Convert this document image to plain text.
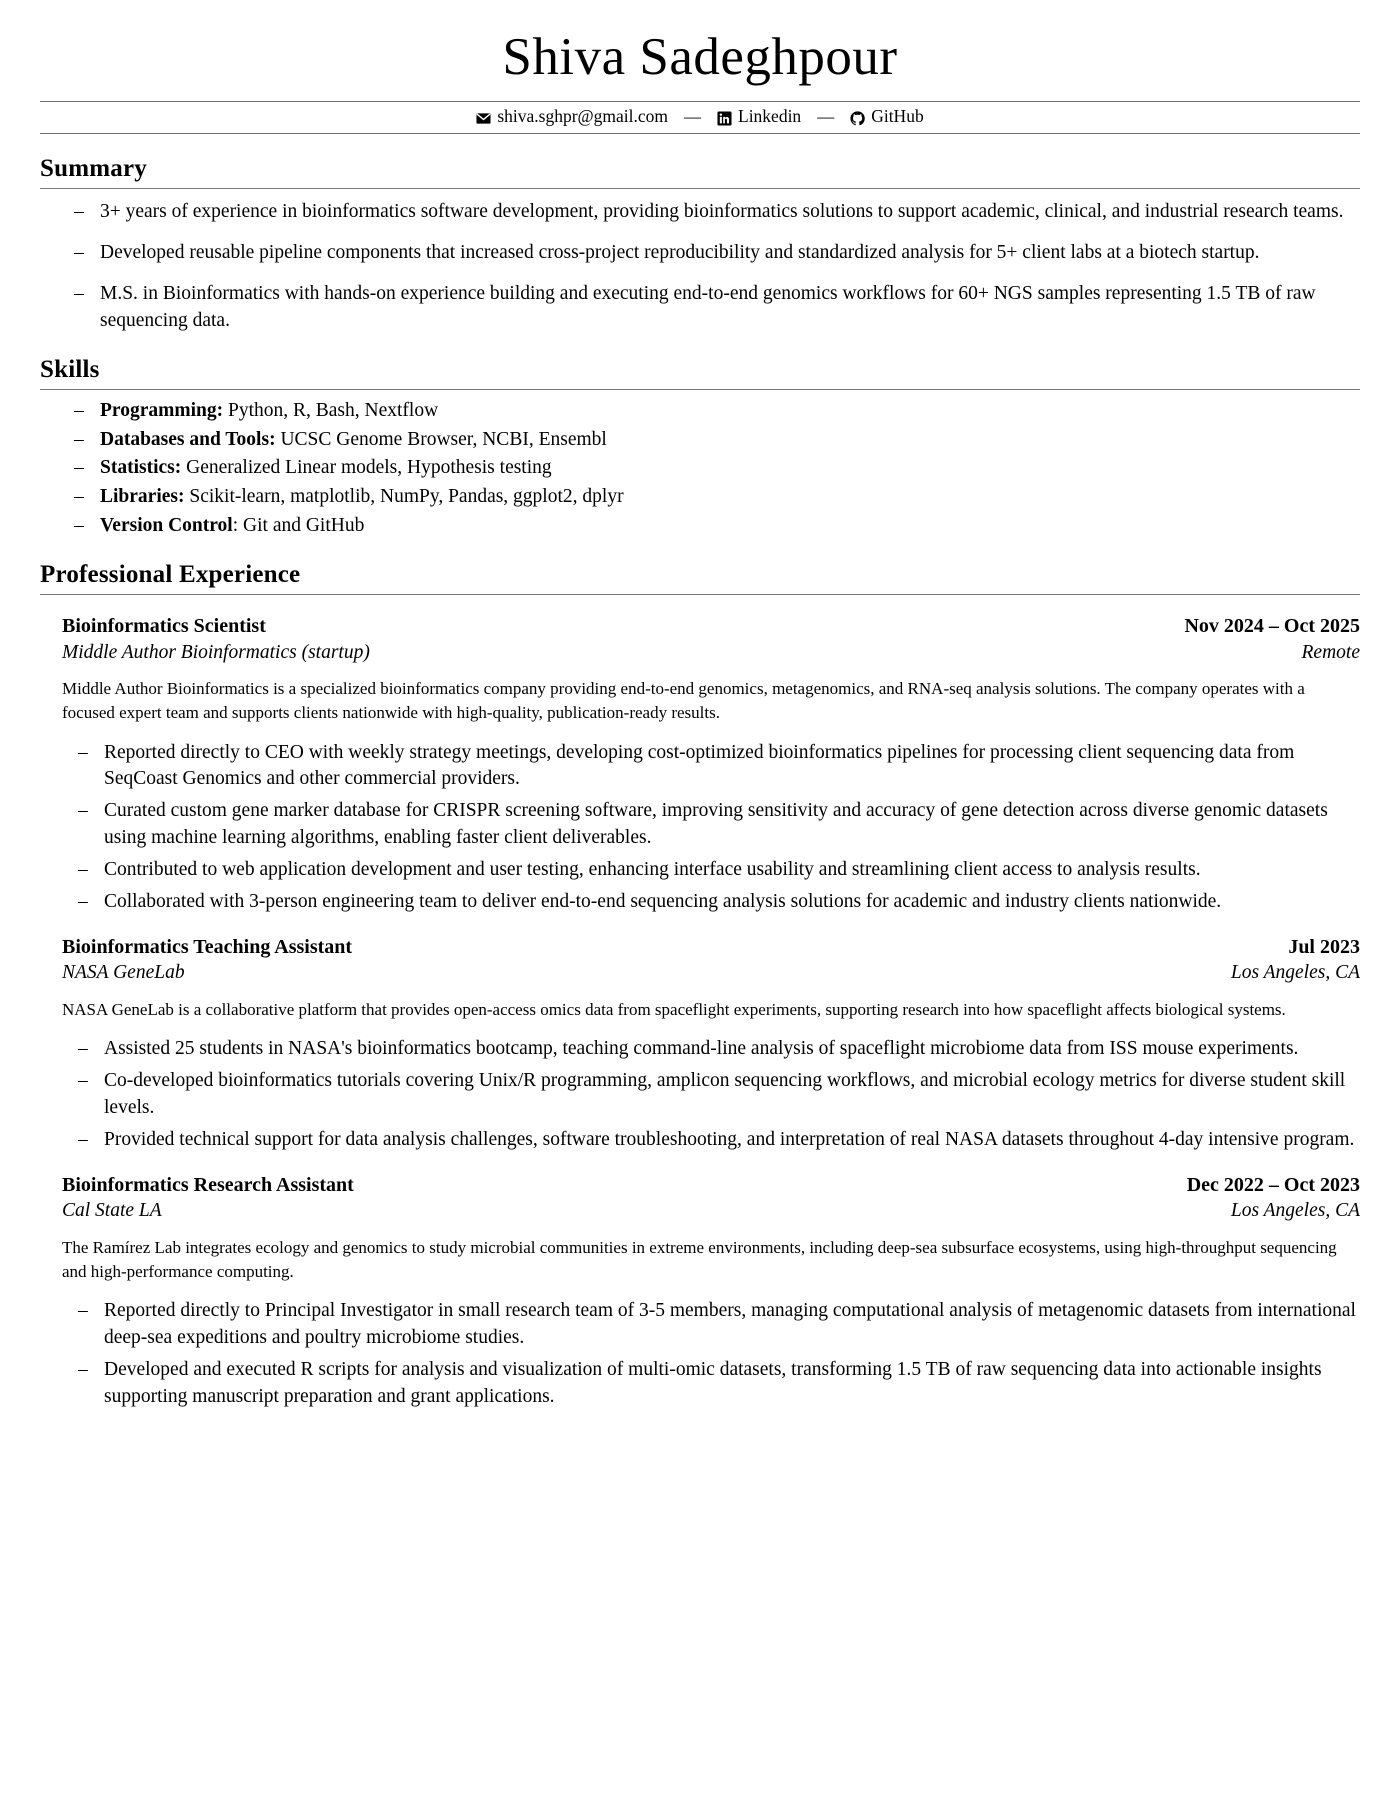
Shiva Sadeghpour
shiva.sghpr@gmail.com —	Linkedin —	GitHub
Summary
– 3+ years of experience in bioinformatics software development, providing bioinformatics solutions to support academic, clinical, and industrial research teams.
– Developed reusable pipeline components that increased cross-project reproducibility and standardized analysis for 5+ client labs at a biotech startup.
– M.S. in Bioinformatics with hands-on experience building and executing end-to-end genomics workflows for 60+ NGS samples representing 1.5 TB of raw sequencing data.
Skills
– Programming: Python, R, Bash, Nextflow
– Databases and Tools: UCSC Genome Browser, NCBI, Ensembl
– Statistics: Generalized Linear models, Hypothesis testing
– Libraries: Scikit-learn, matplotlib, NumPy, Pandas, ggplot2, dplyr
– Version Control: Git and GitHub
Professional Experience
Bioinformatics Scientist	Nov 2024 – Oct 2025
Middle Author Bioinformatics (startup)	Remote

Middle Author Bioinformatics is a specialized bioinformatics company providing end-to-end genomics, metagenomics, and RNA-seq analysis solutions. The company operates with a focused expert team and supports clients nationwide with high-quality, publication-ready results.

– Reported directly to CEO with weekly strategy meetings, developing cost-optimized bioinformatics pipelines for processing client sequencing data from SeqCoast Genomics and other commercial providers.
– Curated custom gene marker database for CRISPR screening software, improving sensitivity and accuracy of gene detection across diverse genomic datasets using machine learning algorithms, enabling faster client deliverables.
– Contributed to web application development and user testing, enhancing interface usability and streamlining client access to analysis results.
– Collaborated with 3-person engineering team to deliver end-to-end sequencing analysis solutions for academic and industry clients nationwide.
Bioinformatics Teaching Assistant	Jul 2023
NASA GeneLab	Los Angeles, CA

NASA GeneLab is a collaborative platform that provides open-access omics data from spaceflight experiments, supporting research into how spaceflight affects biological systems.

– Assisted 25 students in NASA's bioinformatics bootcamp, teaching command-line analysis of spaceflight microbiome data from ISS mouse experiments.
– Co-developed bioinformatics tutorials covering Unix/R programming, amplicon sequencing workflows, and microbial ecology metrics for diverse student skill levels.
– Provided technical support for data analysis challenges, software troubleshooting, and interpretation of real NASA datasets throughout 4-day intensive program.
Bioinformatics Research Assistant	Dec 2022 – Oct 2023
Cal State LA	Los Angeles, CA

The Ramírez Lab integrates ecology and genomics to study microbial communities in extreme environments, including deep-sea subsurface ecosystems, using high-throughput sequencing and high-performance computing.

– Reported directly to Principal Investigator in small research team of 3-5 members, managing computational analysis of metagenomic datasets from international deep-sea expeditions and poultry microbiome studies.
– Developed and executed R scripts for analysis and visualization of multi-omic datasets, transforming 1.5 TB of raw sequencing data into actionable insights supporting manuscript preparation and grant applications.
